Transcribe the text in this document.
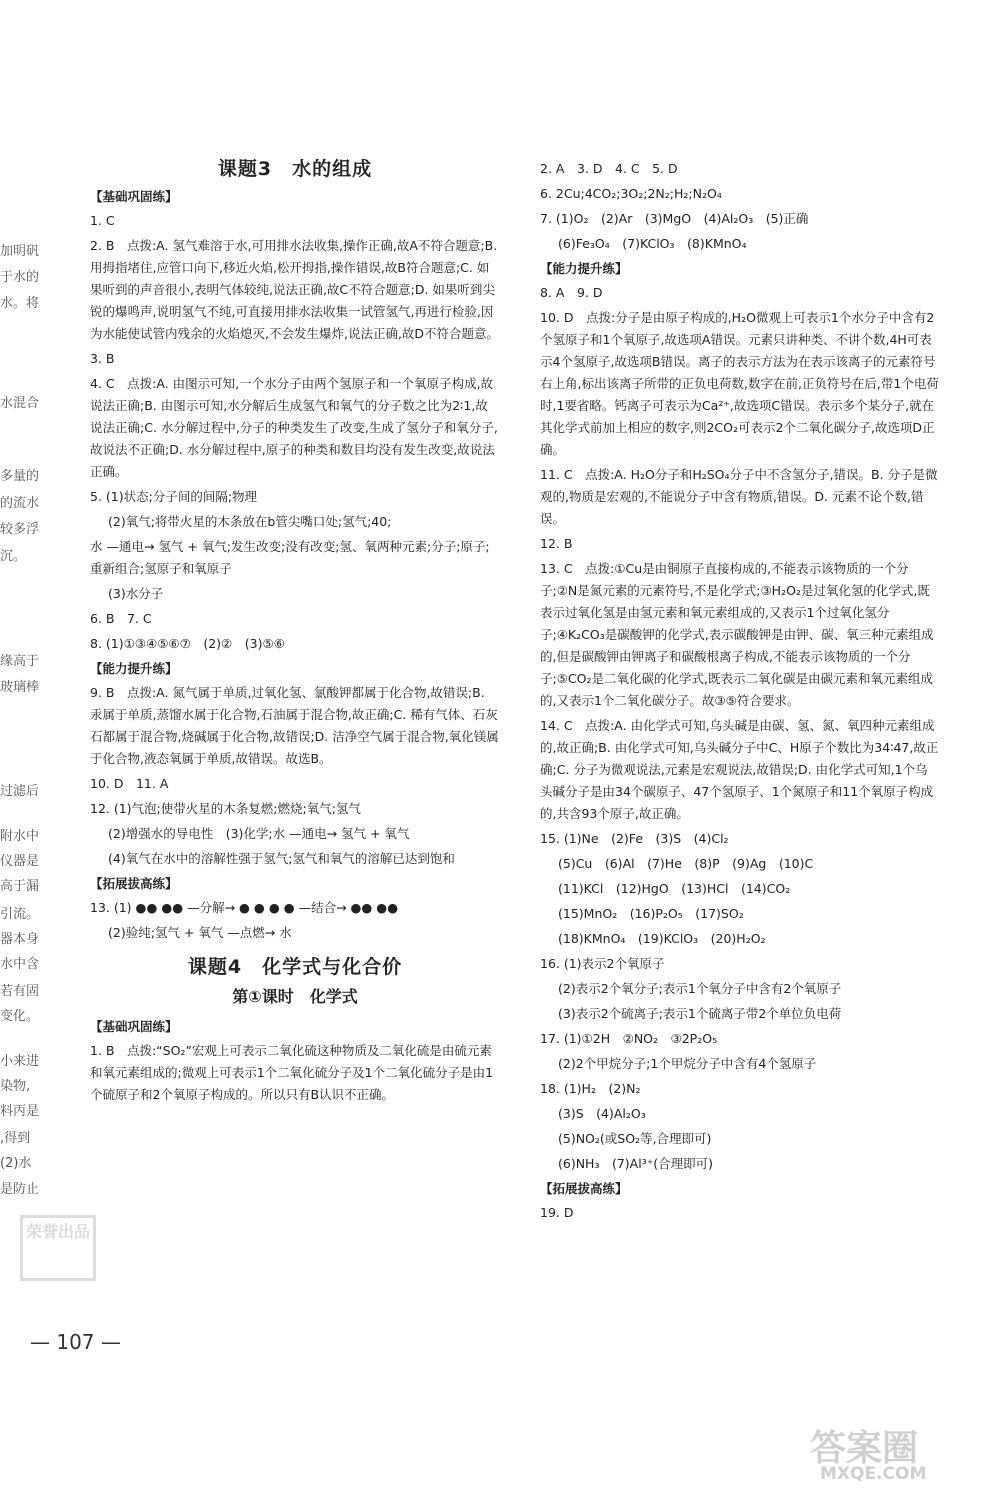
加明矾
于水的
水。将
水混合
多量的
的流水
较多浮
沉。
缘高于
玻璃棒
过滤后
附水中
仪器是
高于漏
引流。
器本身
水中含
若有固
变化。
小来进
染物,
料丙是
,得到
(2)水
是防止
课题3　水的组成
【基础巩固练】
1. C
2. B　点拨:A. 氢气难溶于水,可用排水法收集,操作正确,故A不符合题意;B. 用拇指堵住,应管口向下,移近火焰,松开拇指,操作错误,故B符合题意;C. 如果听到的声音很小,表明气体较纯,说法正确,故C不符合题意;D. 如果听到尖锐的爆鸣声,说明氢气不纯,可直接用排水法收集一试管氢气,再进行检验,因为水能使试管内残余的火焰熄灭,不会发生爆炸,说法正确,故D不符合题意。
3. B
4. C　点拨:A. 由图示可知,一个水分子由两个氢原子和一个氧原子构成,故说法正确;B. 由图示可知,水分解后生成氢气和氧气的分子数之比为2∶1,故说法正确;C. 水分解过程中,分子的种类发生了改变,生成了氢分子和氧分子,故说法不正确;D. 水分解过程中,原子的种类和数目均没有发生改变,故说法正确。
5. (1)状态;分子间的间隔;物理
(2)氧气;将带火星的木条放在b管尖嘴口处;氢气;40;
水 —通电→ 氢气 + 氧气;发生改变;没有改变;氢、氧两种元素;分子;原子;重新组合;氢原子和氧原子
(3)水分子
6. B　7. C
8. (1)①③④⑤⑥⑦　(2)②　(3)⑤⑥
【能力提升练】
9. B　点拨:A. 氮气属于单质,过氧化氢、氯酸钾都属于化合物,故错误;B. 汞属于单质,蒸馏水属于化合物,石油属于混合物,故正确;C. 稀有气体、石灰石都属于混合物,烧碱属于化合物,故错误;D. 洁净空气属于混合物,氧化镁属于化合物,液态氧属于单质,故错误。故选B。
10. D　11. A
12. (1)气泡;使带火星的木条复燃;燃烧;氧气;氢气
(2)增强水的导电性　(3)化学;水 —通电→ 氢气 + 氧气
(4)氧气在水中的溶解性强于氢气;氢气和氧气的溶解已达到饱和
【拓展拔高练】
13. (1) ●● ●● —分解→ ● ● ● ● —结合→ ●● ●●
(2)验纯;氢气 + 氧气 —点燃→ 水
课题4　化学式与化合价
第①课时　化学式
【基础巩固练】
1. B　点拨:“SO₂”宏观上可表示二氧化硫这种物质及二氧化硫是由硫元素和氧元素组成的;微观上可表示1个二氧化硫分子及1个二氧化硫分子是由1个硫原子和2个氧原子构成的。所以只有B认识不正确。
2. A　3. D　4. C　5. D
6. 2Cu;4CO₂;3O₂;2N₂;H₂;N₂O₄
7. (1)O₂　(2)Ar　(3)MgO　(4)Al₂O₃　(5)正确
(6)Fe₃O₄　(7)KClO₃　(8)KMnO₄
【能力提升练】
8. A　9. D
10. D　点拨:分子是由原子构成的,H₂O微观上可表示1个水分子中含有2个氢原子和1个氧原子,故选项A错误。元素只讲种类、不讲个数,4H可表示4个氢原子,故选项B错误。离子的表示方法为在表示该离子的元素符号右上角,标出该离子所带的正负电荷数,数字在前,正负符号在后,带1个电荷时,1要省略。钙离子可表示为Ca²⁺,故选项C错误。表示多个某分子,就在其化学式前加上相应的数字,则2CO₂可表示2个二氧化碳分子,故选项D正确。
11. C　点拨:A. H₂O分子和H₂SO₄分子中不含氢分子,错误。B. 分子是微观的,物质是宏观的,不能说分子中含有物质,错误。D. 元素不论个数,错误。
12. B
13. C　点拨:①Cu是由铜原子直接构成的,不能表示该物质的一个分子;②N是氮元素的元素符号,不是化学式;③H₂O₂是过氧化氢的化学式,既表示过氧化氢是由氢元素和氧元素组成的,又表示1个过氧化氢分子;④K₂CO₃是碳酸钾的化学式,表示碳酸钾是由钾、碳、氧三种元素组成的,但是碳酸钾由钾离子和碳酸根离子构成,不能表示该物质的一个分子;⑤CO₂是二氧化碳的化学式,既表示二氧化碳是由碳元素和氧元素组成的,又表示1个二氧化碳分子。故③⑤符合要求。
14. C　点拨:A. 由化学式可知,乌头碱是由碳、氢、氮、氧四种元素组成的,故正确;B. 由化学式可知,乌头碱分子中C、H原子个数比为34∶47,故正确;C. 分子为微观说法,元素是宏观说法,故错误;D. 由化学式可知,1个乌头碱分子是由34个碳原子、47个氢原子、1个氮原子和11个氧原子构成的,共含93个原子,故正确。
15. (1)Ne　(2)Fe　(3)S　(4)Cl₂
(5)Cu　(6)Al　(7)He　(8)P　(9)Ag　(10)C
(11)KCl　(12)HgO　(13)HCl　(14)CO₂
(15)MnO₂　(16)P₂O₅　(17)SO₂
(18)KMnO₄　(19)KClO₃　(20)H₂O₂
16. (1)表示2个氧原子
(2)表示2个氧分子;表示1个氧分子中含有2个氧原子
(3)表示2个硫离子;表示1个硫离子带2个单位负电荷
17. (1)①2H　②NO₂　③2P₂O₅
(2)2个甲烷分子;1个甲烷分子中含有4个氢原子
18. (1)H₂　(2)N₂
(3)S　(4)Al₂O₃
(5)NO₂(或SO₂等,合理即可)
(6)NH₃　(7)Al³⁺(合理即可)
【拓展拔高练】
19. D
荣誉出品
— 107 —
答案圈
MXQE.COM
